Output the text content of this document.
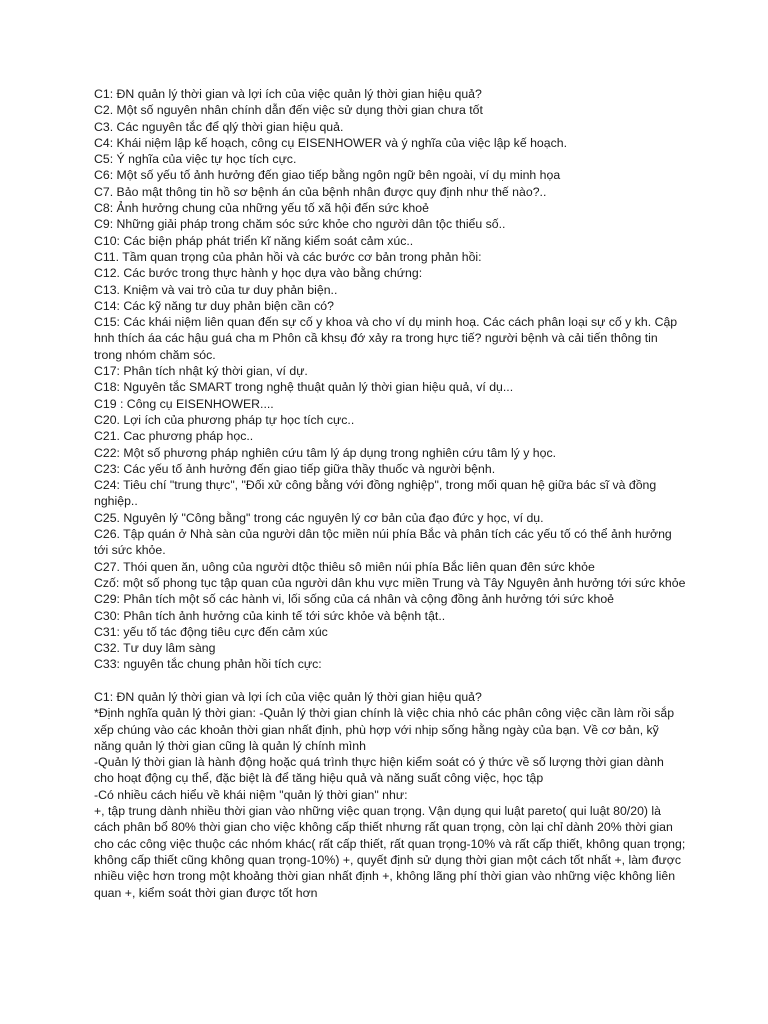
C1: ĐN quản lý thời gian và lợi ích của việc quản lý thời gian hiệu quả?

C2. Một số nguyên nhân chính dẫn đến việc sử dụng thời gian chưa tốt

C3. Các nguyên tắc để qlý thời gian hiệu quả.

C4: Khái niệm lập kế hoạch, công cụ EISENHOWER và ý nghĩa của việc lập kế hoạch.

C5: Ý nghĩa của việc tự học tích cực.

C6: Một số yếu tố ảnh hưởng đến giao tiếp bằng ngôn ngữ bên ngoài, ví dụ minh họa

C7. Bảo mật thông tin hồ sơ bệnh án của bệnh nhân được quy định như thế nào?..

C8: Ảnh hưởng chung của những yếu tố xã hội đến sức khoẻ

C9: Những giải pháp trong chăm sóc sức khỏe cho người dân tộc thiểu số..

C10: Các biện pháp phát triển kĩ năng kiểm soát cảm xúc..

C11. Tầm quan trọng của phản hồi và các bước cơ bản trong phản hồi:

C12. Các bước trong thực hành y học dựa vào bằng chứng:

C13. Kniệm và vai trò của tư duy phản biện..

C14: Các kỹ năng tư duy phản biện cần có?

C15: Các khái niệm liên quan đến sự cố y khoa và cho ví dụ minh hoạ. Các cách phân loại sự cố y kh. Cập hnh thích áa các hậu guá cha m Phôn cầ khsụ đớ xảy ra trong hực tiế? người bệnh và cải tiến thông tin trong nhóm chăm sóc.

C17: Phân tích nhật ký thời gian, ví dự.

C18: Nguyên tắc SMART trong nghệ thuật quản lý thời gian hiệu quả, ví dụ...

C19 : Công cụ EISENHOWER....

C20. Lợi ích của phương pháp tự học tích cực..

C21. Cac phương pháp học..

C22: Một số phương pháp nghiên cứu tâm lý áp dụng trong nghiên cứu tâm lý y học.

C23: Các yếu tố ảnh hưởng đến giao tiếp giữa thầy thuốc và người bệnh.

C24: Tiêu chí "trung thực", "Đối xử công bằng với đồng nghiệp", trong mối quan hệ giữa bác sĩ và đồng nghiệp..

C25. Nguyên lý "Công bằng" trong các nguyên lý cơ bản của đạo đức y học, ví dụ.

C26. Tập quán ở Nhà sàn của người dân tộc miền núi phía Bắc và phân tích các yếu tố có thể ảnh hưởng tới sức khỏe.

C27. Thói quen ăn, uông của người dtộc thiêu sô miên núi phía Bắc liên quan đên sức khỏe

Czố: một số phong tục tập quan của người dân khu vực miền Trung và Tây Nguyên ảnh hưởng tới sức khỏe

C29: Phân tích một số các hành vi, lối sống của cá nhân và cộng đồng ảnh hưởng tới sức khoẻ

C30: Phân tích ảnh hưởng của kinh tế tới sức khỏe và bệnh tật..

C31: yếu tố tác động tiêu cực đến cảm xúc

C32. Tư duy lâm sàng

C33: nguyên tắc chung phản hồi tích cực:

C1: ĐN quản lý thời gian và lợi ích của việc quản lý thời gian hiệu quả?

*Định nghĩa quản lý thời gian: -Quản lý thời gian chính là việc chia nhỏ các phân công việc cần làm rồi sắp xếp chúng vào các khoản thời gian nhất định, phù hợp với nhịp sống hằng ngày của bạn. Về cơ bản, kỹ năng quản lý thời gian cũng là quản lý chính mình

-Quản lý thời gian là hành động hoặc quá trình thực hiện kiểm soát có ý thức về số lượng thời gian dành cho hoạt động cụ thể, đặc biệt là để tăng hiệu quả và năng suất công việc, học tập

-Có nhiều cách hiểu về khái niệm "quản lý thời gian" như:

+, tập trung dành nhiều thời gian vào những việc quan trọng. Vận dụng qui luật pareto( qui luật 80/20) là cách phân bổ 80% thời gian cho việc không cấp thiết nhưng rất quan trọng, còn lại chỉ dành 20% thời gian cho các công việc thuộc các nhóm khác( rất cấp thiết, rất quan trọng-10% và rất cấp thiết, không quan trọng; không cấp thiết cũng không quan trọng-10%) +, quyết định sử dụng thời gian một cách tốt nhất +, làm được nhiều việc hơn trong một khoảng thời gian nhất định +, không lãng phí thời gian vào những việc không liên quan +, kiểm soát thời gian được tốt hơn
